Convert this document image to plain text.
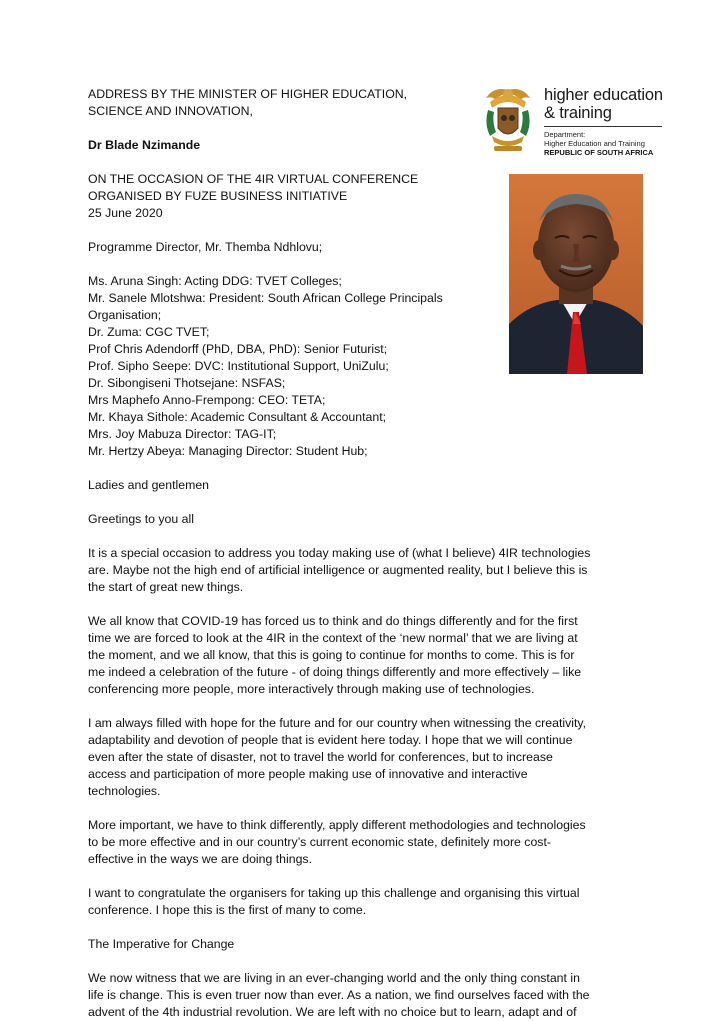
higher education
& training
Department:
Higher Education and Training
REPUBLIC OF SOUTH AFRICA

ADDRESS BY THE MINISTER OF HIGHER EDUCATION,

SCIENCE AND INNOVATION,

Dr Blade Nzimande

ON THE OCCASION OF THE 4IR VIRTUAL CONFERENCE

ORGANISED BY FUZE BUSINESS INITIATIVE

25 June 2020

Programme Director, Mr. Themba Ndhlovu;

Ms. Aruna Singh: Acting DDG: TVET Colleges;

Mr. Sanele Mlotshwa: President: South African College Principals

Organisation;

Dr. Zuma: CGC TVET;

Prof Chris Adendorff (PhD, DBA, PhD): Senior Futurist;

Prof. Sipho Seepe: DVC: Institutional Support, UniZulu;

Dr. Sibongiseni Thotsejane: NSFAS;

Mrs Maphefo Anno-Frempong: CEO: TETA;

Mr. Khaya Sithole: Academic Consultant & Accountant;

Mrs. Joy Mabuza Director: TAG-IT;

Mr. Hertzy Abeya: Managing Director: Student Hub;

Ladies and gentlemen

Greetings to you all

It is a special occasion to address you today making use of (what I believe) 4IR technologies

are. Maybe not the high end of artificial intelligence or augmented reality, but I believe this is

the start of great new things.

We all know that COVID-19 has forced us to think and do things differently and for the first

time we are forced to look at the 4IR in the context of the ‘new normal’ that we are living at

the moment, and we all know, that this is going to continue for months to come. This is for

me indeed a celebration of the future - of doing things differently and more effectively – like

conferencing more people, more interactively through making use of technologies.

I am always filled with hope for the future and for our country when witnessing the creativity,

adaptability and devotion of people that is evident here today. I hope that we will continue

even after the state of disaster, not to travel the world for conferences, but to increase

access and participation of more people making use of innovative and interactive

technologies.

More important, we have to think differently, apply different methodologies and technologies

to be more effective and in our country’s current economic state, definitely more cost-

effective in the ways we are doing things.

I want to congratulate the organisers for taking up this challenge and organising this virtual

conference. I hope this is the first of many to come.

The Imperative for Change

We now witness that we are living in an ever-changing world and the only thing constant in

life is change. This is even truer now than ever. As a nation, we find ourselves faced with the

advent of the 4th industrial revolution. We are left with no choice but to learn, adapt and of
